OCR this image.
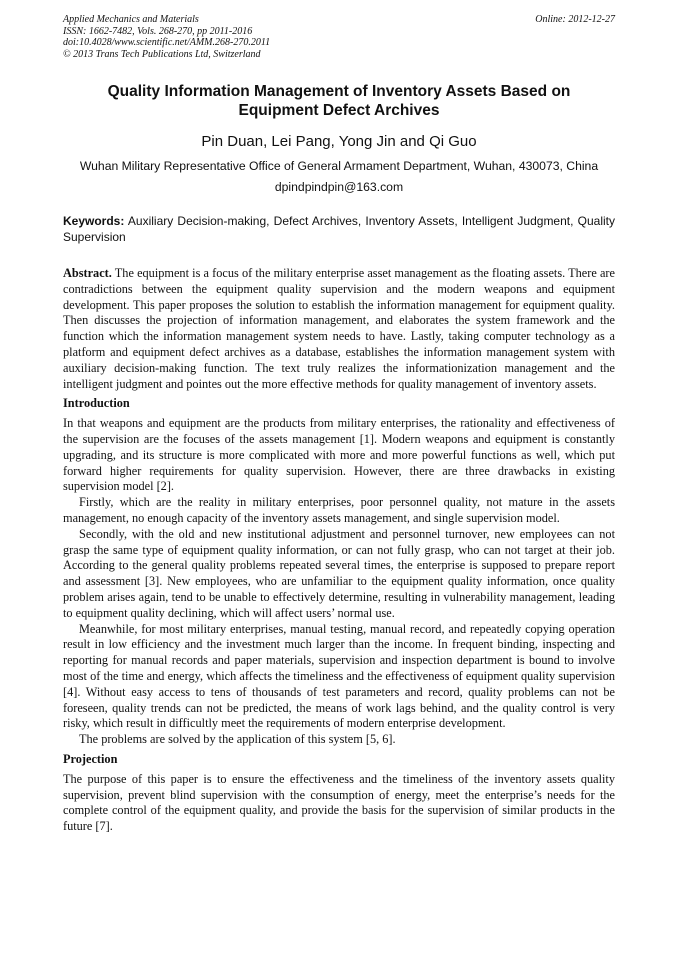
Applied Mechanics and Materials
ISSN: 1662-7482, Vols. 268-270, pp 2011-2016
doi:10.4028/www.scientific.net/AMM.268-270.2011
© 2013 Trans Tech Publications Ltd, Switzerland
Online: 2012-12-27
Quality Information Management of Inventory Assets Based on
Equipment Defect Archives
Pin Duan, Lei Pang, Yong Jin and Qi Guo
Wuhan Military Representative Office of General Armament Department, Wuhan, 430073, China
dpindpindpin@163.com
Keywords: Auxiliary Decision-making, Defect Archives, Inventory Assets, Intelligent Judgment, Quality Supervision

Abstract. The equipment is a focus of the military enterprise asset management as the floating assets. There are contradictions between the equipment quality supervision and the modern weapons and equipment development. This paper proposes the solution to establish the information management for equipment quality. Then discusses the projection of information management, and elaborates the system framework and the function which the information management system needs to have. Lastly, taking computer technology as a platform and equipment defect archives as a database, establishes the information management system with auxiliary decision-making function. The text truly realizes the informationization management and the intelligent judgment and pointes out the more effective methods for quality management of inventory assets.

Introduction

In that weapons and equipment are the products from military enterprises, the rationality and effectiveness of the supervision are the focuses of the assets management [1]. Modern weapons and equipment is constantly upgrading, and its structure is more complicated with more and more powerful functions as well, which put forward higher requirements for quality supervision. However, there are three drawbacks in existing supervision model [2].

Firstly, which are the reality in military enterprises, poor personnel quality, not mature in the assets management, no enough capacity of the inventory assets management, and single supervision model.

Secondly, with the old and new institutional adjustment and personnel turnover, new employees can not grasp the same type of equipment quality information, or can not fully grasp, who can not target at their job. According to the general quality problems repeated several times, the enterprise is supposed to prepare report and assessment [3]. New employees, who are unfamiliar to the equipment quality information, once quality problem arises again, tend to be unable to effectively determine, resulting in vulnerability management, leading to equipment quality declining, which will affect users’ normal use.

Meanwhile, for most military enterprises, manual testing, manual record, and repeatedly copying operation result in low efficiency and the investment much larger than the income. In frequent binding, inspecting and reporting for manual records and paper materials, supervision and inspection department is bound to involve most of the time and energy, which affects the timeliness and the effectiveness of equipment quality supervision [4]. Without easy access to tens of thousands of test parameters and record, quality problems can not be foreseen, quality trends can not be predicted, the means of work lags behind, and the quality control is very risky, which result in difficultly meet the requirements of modern enterprise development.

The problems are solved by the application of this system [5, 6].

Projection

The purpose of this paper is to ensure the effectiveness and the timeliness of the inventory assets quality supervision, prevent blind supervision with the consumption of energy, meet the enterprise’s needs for the complete control of the equipment quality, and provide the basis for the supervision of similar products in the future [7].
